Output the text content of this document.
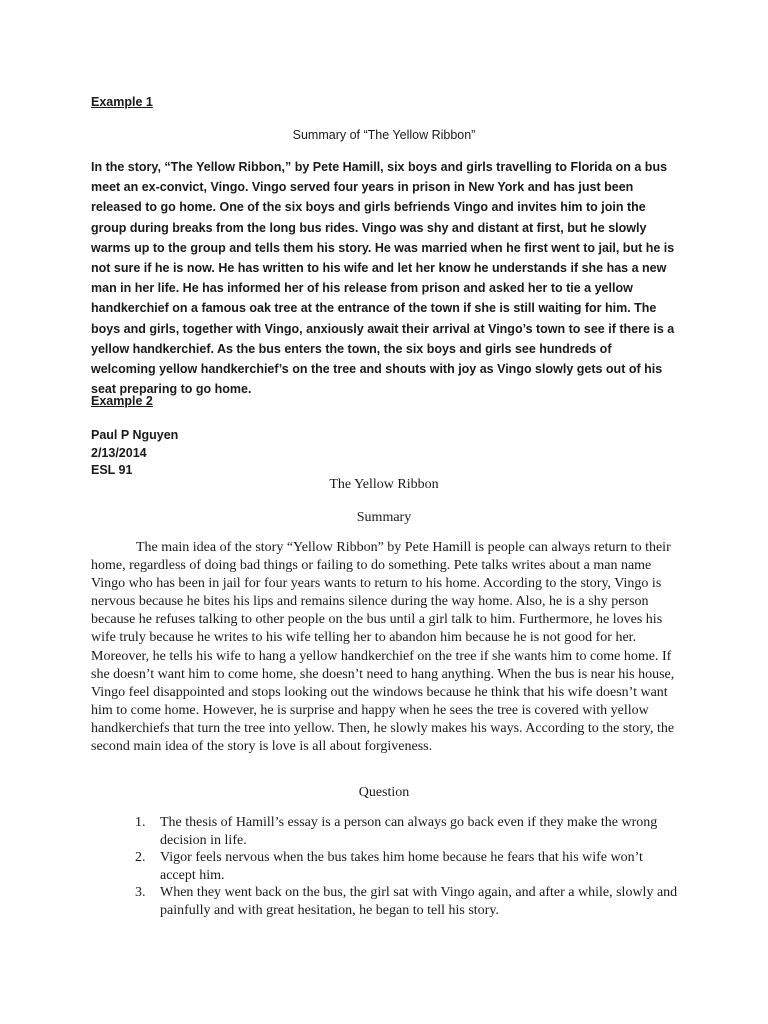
Example 1
Summary of “The Yellow Ribbon”

In the story, “The Yellow Ribbon,” by Pete Hamill, six boys and girls travelling to Florida on a bus meet an ex-convict, Vingo. Vingo served four years in prison in New York and has just been released to go home. One of the six boys and girls befriends Vingo and invites him to join the group during breaks from the long bus rides. Vingo was shy and distant at first, but he slowly warms up to the group and tells them his story. He was married when he first went to jail, but he is not sure if he is now. He has written to his wife and let her know he understands if she has a new man in her life. He has informed her of his release from prison and asked her to tie a yellow handkerchief on a famous oak tree at the entrance of the town if she is still waiting for him. The boys and girls, together with Vingo, anxiously await their arrival at Vingo’s town to see if there is a yellow handkerchief. As the bus enters the town, the six boys and girls see hundreds of welcoming yellow handkerchief’s on the tree and shouts with joy as Vingo slowly gets out of his seat preparing to go home.

Example 2
Paul P Nguyen
2/13/2014
ESL 91
The Yellow Ribbon
Summary

The main idea of the story “Yellow Ribbon” by Pete Hamill is people can always return to their home, regardless of doing bad things or failing to do something. Pete talks writes about a man name Vingo who has been in jail for four years wants to return to his home. According to the story, Vingo is nervous because he bites his lips and remains silence during the way home. Also, he is a shy person because he refuses talking to other people on the bus until a girl talk to him. Furthermore, he loves his wife truly because he writes to his wife telling her to abandon him because he is not good for her. Moreover, he tells his wife to hang a yellow handkerchief on the tree if she wants him to come home. If she doesn’t want him to come home, she doesn’t need to hang anything. When the bus is near his house, Vingo feel disappointed and stops looking out the windows because he think that his wife doesn’t want him to come home. However, he is surprise and happy when he sees the tree is covered with yellow handkerchiefs that turn the tree into yellow. Then, he slowly makes his ways. According to the story, the second main idea of the story is love is all about forgiveness.

Question
1. The thesis of Hamill’s essay is a person can always go back even if they make the wrong decision in life.
2. Vigor feels nervous when the bus takes him home because he fears that his wife won’t accept him.
3. When they went back on the bus, the girl sat with Vingo again, and after a while, slowly and painfully and with great hesitation, he began to tell his story.
